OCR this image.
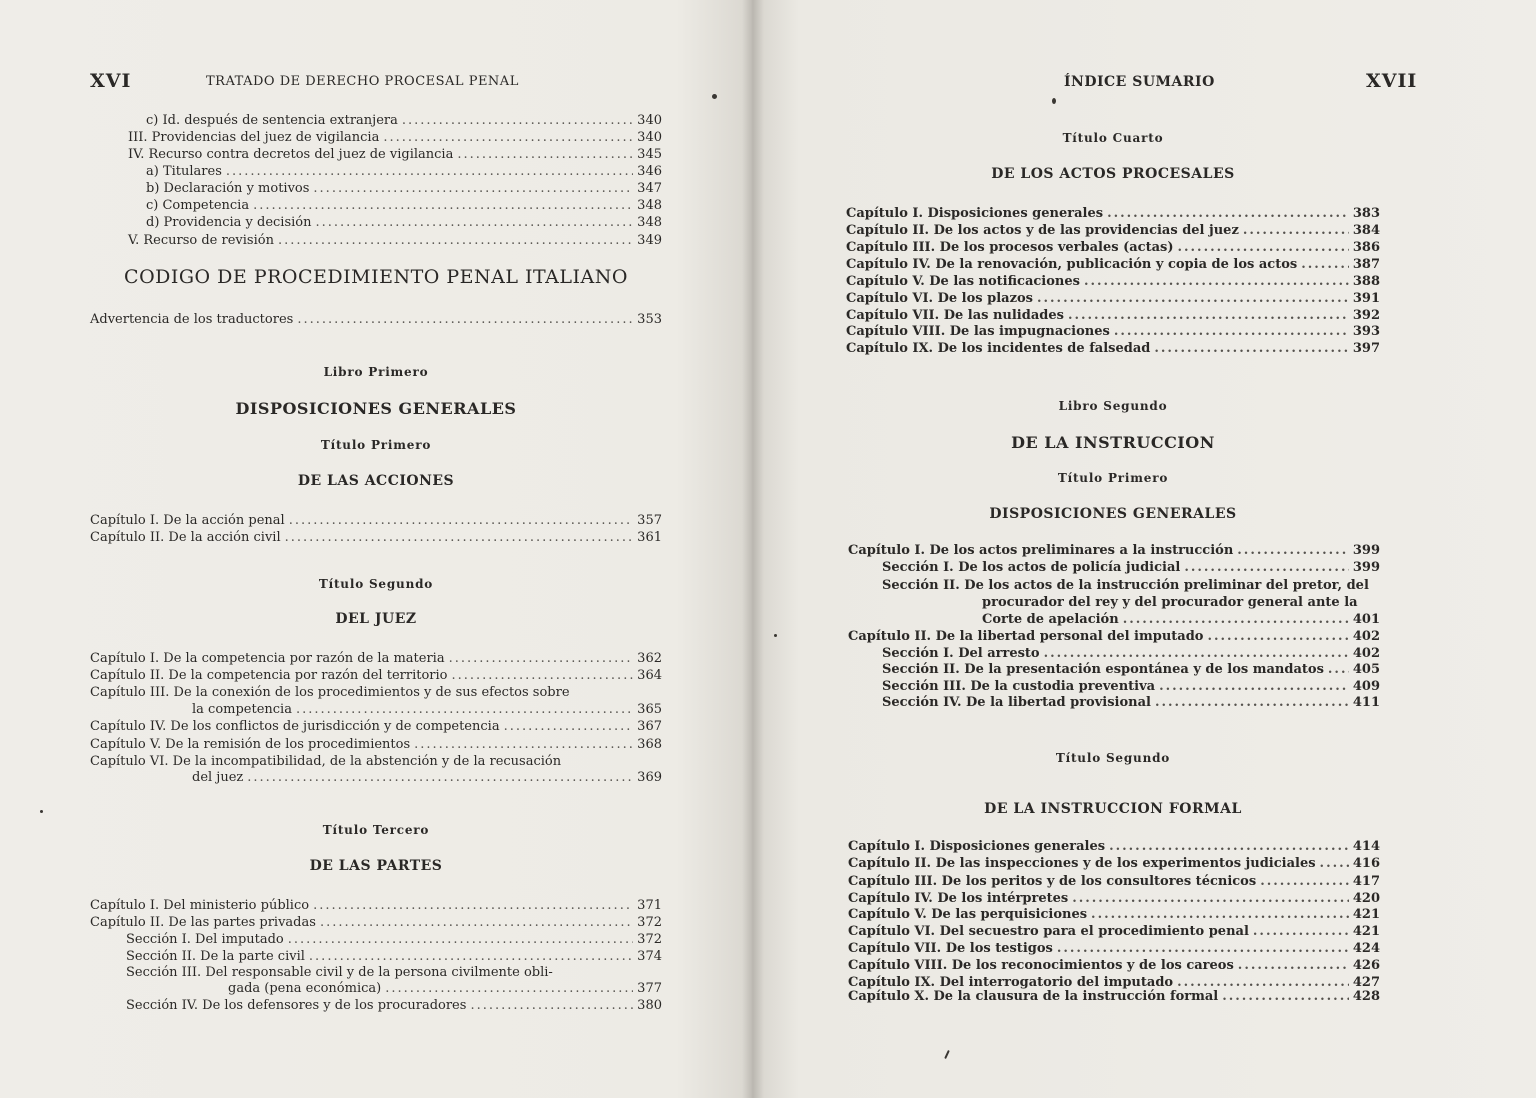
XVI	TRATADO DE DERECHO PROCESAL PENAL
c) Id. después de sentencia extranjera .....	340
III. Providencias del juez de vigilancia .....	340
IV. Recurso contra decretos del juez de vigilancia .....	345
a) Titulares .....	346
b) Declaración y motivos .....	347
c) Competencia .....	348
d) Providencia y decisión .....	348
V. Recurso de revisión .....	349
CODIGO DE PROCEDIMIENTO PENAL ITALIANO
Advertencia de los traductores .....	353
Libro Primero
DISPOSICIONES GENERALES
Título Primero
DE LAS ACCIONES
Capítulo I. De la acción penal .....	357
Capítulo II. De la acción civil .....	361
Título Segundo
DEL JUEZ
Capítulo I. De la competencia por razón de la materia .....	362
Capítulo II. De la competencia por razón del territorio .....	364
Capítulo III. De la conexión de los procedimientos y de sus efectos sobre
la competencia .....	365
Capítulo IV. De los conflictos de jurisdicción y de competencia .....	367
Capítulo V. De la remisión de los procedimientos .....	368
Capítulo VI. De la incompatibilidad, de la abstención y de la recusación
del juez .....	369
Título Tercero
DE LAS PARTES
Capítulo I. Del ministerio público .....	371
Capítulo II. De las partes privadas .....	372
Sección I. Del imputado .....	372
Sección II. De la parte civil .....	374
Sección III. Del responsable civil y de la persona civilmente obli-
gada (pena económica) .....	377
Sección IV. De los defensores y de los procuradores .....	380
ÍNDICE SUMARIO	XVII
Título Cuarto
DE LOS ACTOS PROCESALES
Capítulo I. Disposiciones generales .....	383
Capítulo II. De los actos y de las providencias del juez .....	384
Capítulo III. De los procesos verbales (actas) .....	386
Capítulo IV. De la renovación, publicación y copia de los actos .....	387
Capítulo V. De las notificaciones .....	388
Capítulo VI. De los plazos .....	391
Capítulo VII. De las nulidades .....	392
Capítulo VIII. De las impugnaciones .....	393
Capítulo IX. De los incidentes de falsedad .....	397
Libro Segundo
DE LA INSTRUCCION
Título Primero
DISPOSICIONES GENERALES
Capítulo I. De los actos preliminares a la instrucción .....	399
Sección I. De los actos de policía judicial .....	399
Sección II. De los actos de la instrucción preliminar del pretor, del
procurador del rey y del procurador general ante la
Corte de apelación .....	401
Capítulo II. De la libertad personal del imputado .....	402
Sección I. Del arresto .....	402
Sección II. De la presentación espontánea y de los mandatos ..... 405
Sección III. De la custodia preventiva .....	409
Sección IV. De la libertad provisional .....	411
Título Segundo
DE LA INSTRUCCION FORMAL
Capítulo I. Disposiciones generales .....	414
Capítulo II. De las inspecciones y de los experimentos judiciales .....	416
Capítulo III. De los peritos y de los consultores técnicos .....	417
Capítulo IV. De los intérpretes .....	420
Capítulo V. De las perquisiciones .....	421
Capítulo VI. Del secuestro para el procedimiento penal .....	421
Capítulo VII. De los testigos .....	424
Capítulo VIII. De los reconocimientos y de los careos .....	426
Capítulo IX. Del interrogatorio del imputado .....	427
Capítulo X. De la clausura de la instrucción formal .....	428
